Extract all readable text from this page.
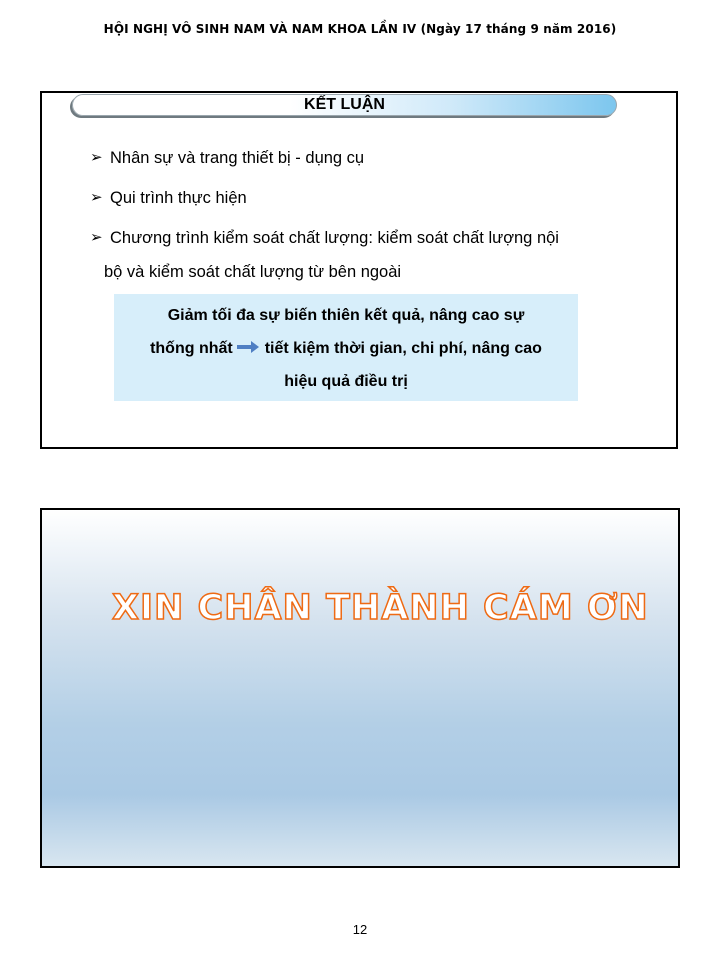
HỘI NGHỊ VÔ SINH NAM VÀ NAM KHOA LẦN IV (Ngày 17 tháng 9 năm 2016)
KẾT LUẬN
➢ Nhân sự và trang thiết bị - dụng cụ
➢ Qui trình thực hiện
➢ Chương trình kiểm soát chất lượng: kiểm soát chất lượng nội
bộ và kiểm soát chất lượng từ bên ngoài
Giảm tối đa sự biến thiên kết quả, nâng cao sự
thống nhất tiết kiệm thời gian, chi phí, nâng cao
hiệu quả điều trị
XIN CHÂN THÀNH CÁM ƠN
12
